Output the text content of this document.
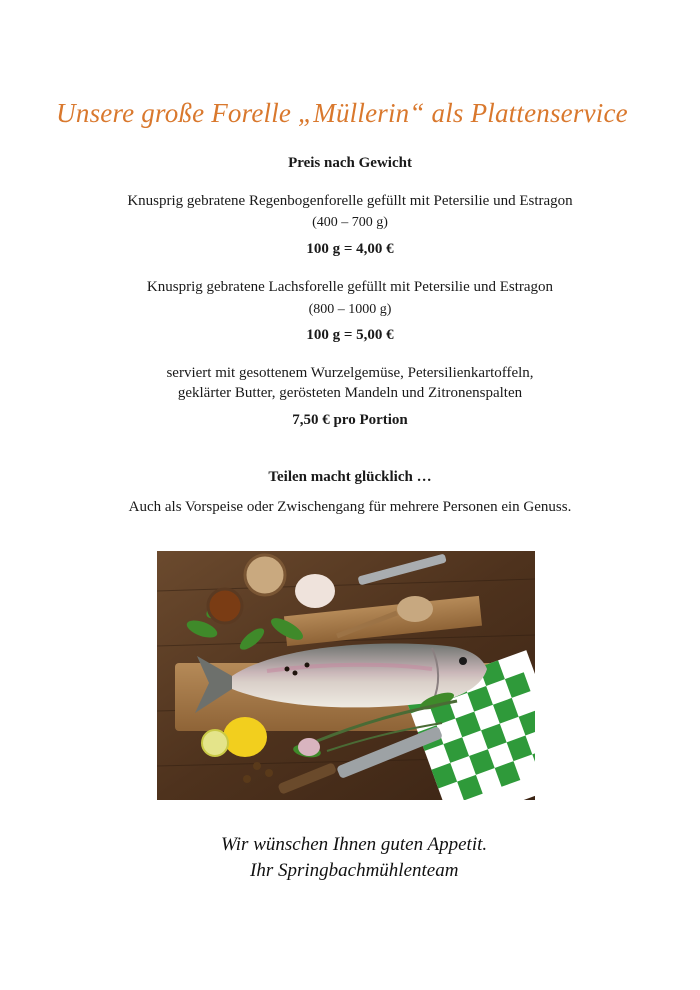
Unsere große Forelle „Müllerin“ als Plattenservice
Preis nach Gewicht
Knusprig gebratene Regenbogenforelle gefüllt mit Petersilie und Estragon
(400 – 700 g)
100 g = 4,00 €
Knusprig gebratene Lachsforelle gefüllt mit Petersilie und Estragon
(800 – 1000 g)
100 g = 5,00 €
serviert mit gesottenem Wurzelgemüse, Petersilienkartoffeln,
geklärter Butter, gerösteten Mandeln und Zitronenspalten
7,50 € pro Portion
Teilen macht glücklich …
Auch als Vorspeise oder Zwischengang für mehrere Personen ein Genuss.
Wir wünschen Ihnen guten Appetit.
Ihr Springbachmühlenteam
